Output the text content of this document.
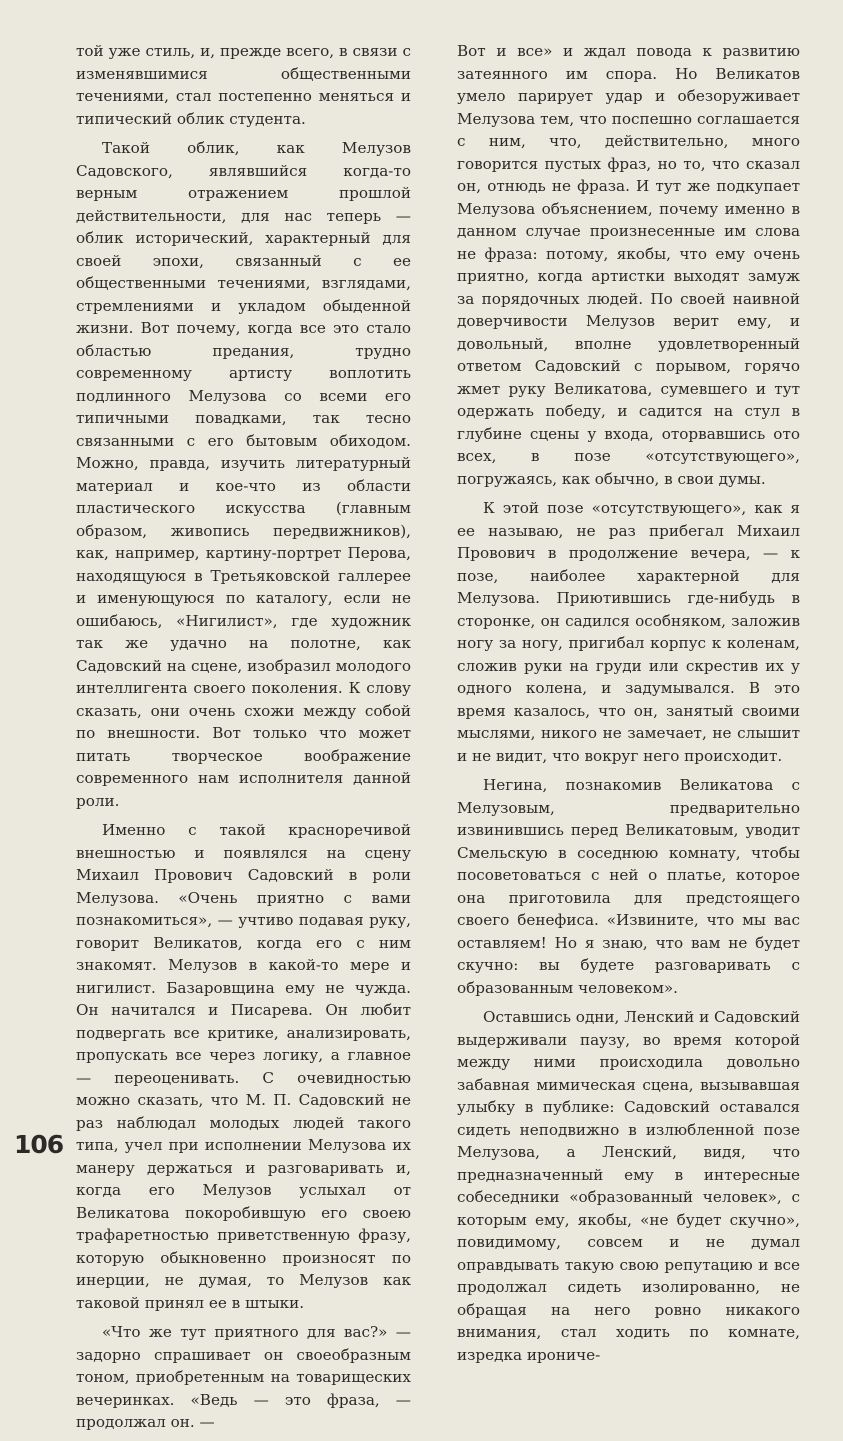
той уже стиль, и, прежде всего, в связи с изменявшимися общественными течениями, стал постепенно меняться и типический облик студента.

Такой облик, как Мелузов Садовского, являвшийся когда-то верным отражением прошлой действительности, для нас теперь — облик исторический, характерный для своей эпохи, связанный с ее общественными течениями, взглядами, стремлениями и укладом обыденной жизни. Вот почему, когда все это стало областью предания, трудно современному артисту воплотить подлинного Мелузова со всеми его типичными повадками, так тесно связанными с его бытовым обиходом. Можно, правда, изучить литературный материал и кое-что из области пластического искусства (главным образом, живопись передвижников), как, например, картину-портрет Перова, находящуюся в Третьяковской галлерее и именующуюся по каталогу, если не ошибаюсь, «Нигилист», где художник так же удачно на полотне, как Садовский на сцене, изобразил молодого интеллигента своего поколения. К слову сказать, они очень схожи между собой по внешности. Вот только что может питать творческое воображение современного нам исполнителя данной роли.

Именно с такой красноречивой внешностью и появлялся на сцену Михаил Провович Садовский в роли Мелузова. «Очень приятно с вами познакомиться», — учтиво подавая руку, говорит Великатов, когда его с ним знакомят. Мелузов в какой-то мере и нигилист. Базаровщина ему не чужда. Он начитался и Писарева. Он любит подвергать все критике, анализировать, пропускать все через логику, а главное — переоценивать. С очевидностью можно сказать, что М. П. Садовский не раз наблюдал молодых людей такого типа, учел при исполнении Мелузова их манеру держаться и разговаривать и, когда его Мелузов услыхал от Великатова покоробившую его своею трафаретностью приветственную фразу, которую обыкновенно произносят по инерции, не думая, то Мелузов как таковой принял ее в штыки.

«Что же тут приятного для вас?» — задорно спрашивает он своеобразным тоном, приобретенным на товарищеских вечеринках. «Ведь — это фраза, — продолжал он. —

Вот и все» и ждал повода к развитию затеянного им спора. Но Великатов умело парирует удар и обезоруживает Мелузова тем, что поспешно соглашается с ним, что, действительно, много говорится пустых фраз, но то, что сказал он, отнюдь не фраза. И тут же подкупает Мелузова объяснением, почему именно в данном случае произнесенные им слова не фраза: потому, якобы, что ему очень приятно, когда артистки выходят замуж за порядочных людей. По своей наивной доверчивости Мелузов верит ему, и довольный, вполне удовлетворенный ответом Садовский с порывом, горячо жмет руку Великатова, сумевшего и тут одержать победу, и садится на стул в глубине сцены у входа, оторвавшись ото всех, в позе «отсутствующего», погружаясь, как обычно, в свои думы.

К этой позе «отсутствующего», как я ее называю, не раз прибегал Михаил Провович в продолжение вечера, — к позе, наиболее характерной для Мелузова. Приютившись где-нибудь в сторонке, он садился особняком, заложив ногу за ногу, пригибал корпус к коленам, сложив руки на груди или скрестив их у одного колена, и задумывался. В это время казалось, что он, занятый своими мыслями, никого не замечает, не слышит и не видит, что вокруг него происходит.

Негина, познакомив Великатова с Мелузовым, предварительно извинившись перед Великатовым, уводит Смельскую в соседнюю комнату, чтобы посоветоваться с ней о платье, которое она приготовила для предстоящего своего бенефиса. «Извините, что мы вас оставляем! Но я знаю, что вам не будет скучно: вы будете разговаривать с образованным человеком».

Оставшись одни, Ленский и Садовский выдерживали паузу, во время которой между ними происходила довольно забавная мимическая сцена, вызывавшая улыбку в публике: Садовский оставался сидеть неподвижно в излюбленной позе Мелузова, а Ленский, видя, что предназначенный ему в интересные собеседники «образованный человек», с которым ему, якобы, «не будет скучно», повидимому, совсем и не думал оправдывать такую свою репутацию и все продолжал сидеть изолированно, не обращая на него ровно никакого внимания, стал ходить по комнате, изредка ирониче-

106
